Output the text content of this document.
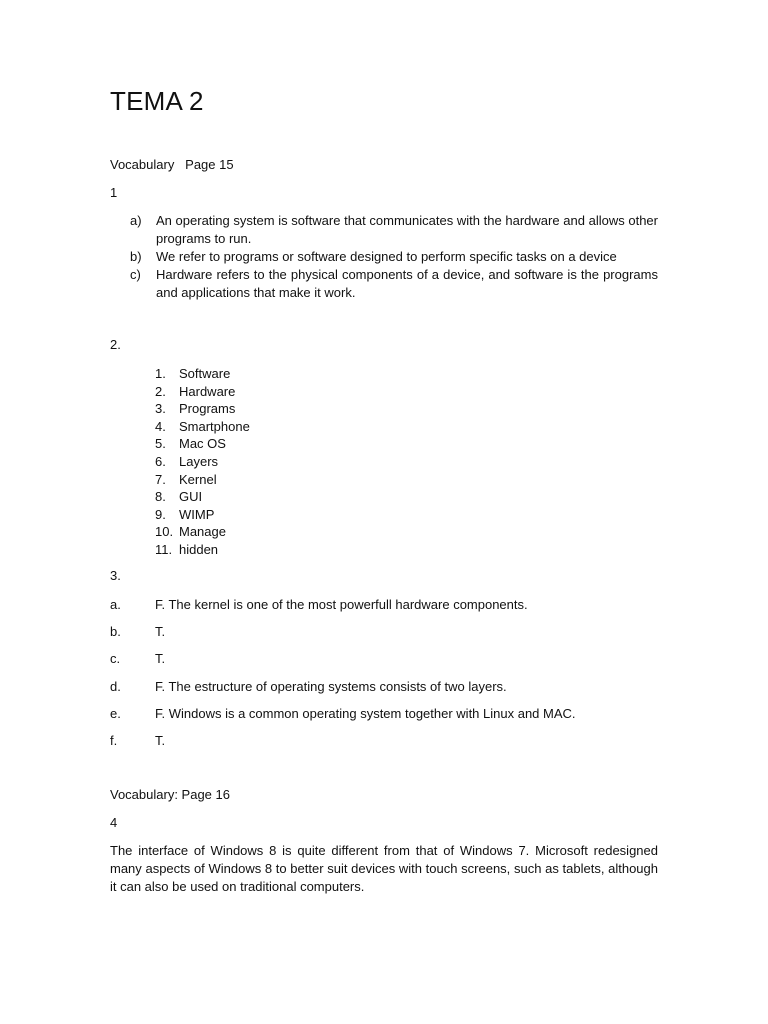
TEMA 2
Vocabulary   Page 15
1
a)	An operating system is software that communicates with the hardware and allows other programs to run.
b)	We refer to programs or software designed to perform specific tasks on a device
c)	Hardware refers to the physical components of a device, and software is the programs and applications that make it work.
2.
1.	Software
2.	Hardware
3.	Programs
4.	Smartphone
5.	Mac OS
6.	Layers
7.	Kernel
8.	GUI
9.	WIMP
10. Manage
11. hidden
3.
a.	F. The kernel is one of the most powerfull hardware components.
b.	T.
c.	T.
d.	F. The estructure of operating systems consists of two layers.
e.	F. Windows is a common operating system together with Linux and MAC.
f.	T.
Vocabulary: Page 16
4
The interface of Windows 8 is quite different from that of Windows 7. Microsoft redesigned many aspects of Windows 8 to better suit devices with touch screens, such as tablets, although it can also be used on traditional computers.
